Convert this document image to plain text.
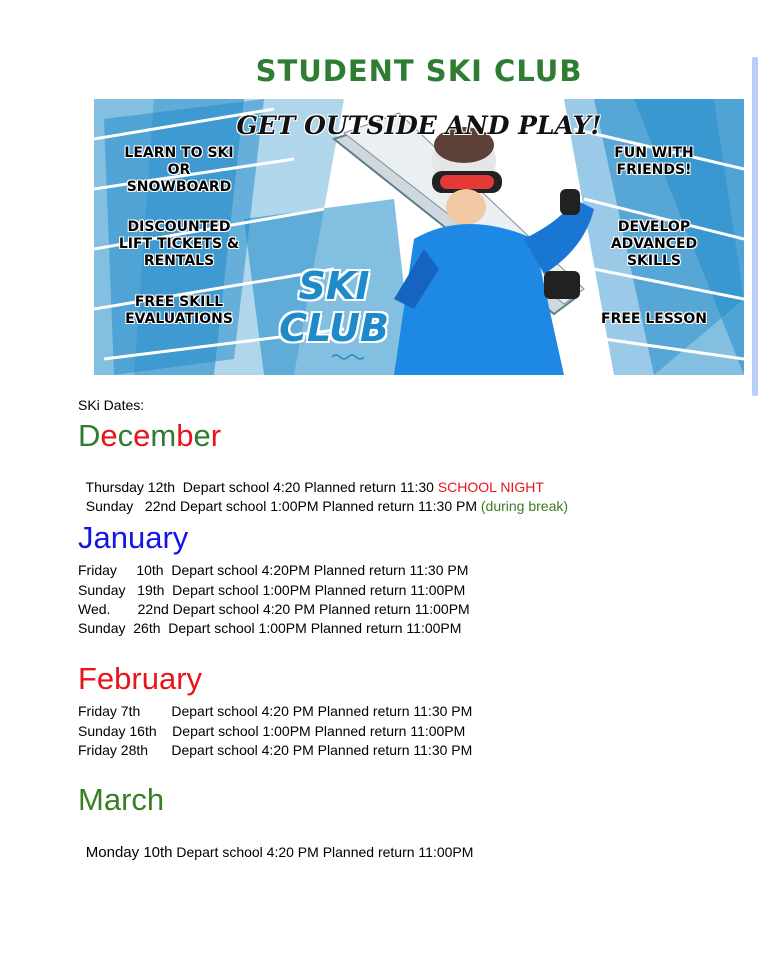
STUDENT SKI CLUB
GET OUTSIDE AND PLAY!
LEARN TO SKI
OR
SNOWBOARD
DISCOUNTED
LIFT TICKETS &
RENTALS
FREE SKILL
EVALUATIONS
FUN WITH
FRIENDS!
DEVELOP
ADVANCED
SKILLS
FREE LESSON
SKI
CLUB
SKi Dates:
December

Thursday 12th  Depart school 4:20 Planned return 11:30 SCHOOL NIGHT

Sunday   22nd Depart school 1:00PM Planned return 11:30 PM (during break)

January
Friday     10th  Depart school 4:20PM Planned return 11:30 PM
Sunday   19th  Depart school 1:00PM Planned return 11:00PM
Wed.       22nd Depart school 4:20 PM Planned return 11:00PM
Sunday  26th  Depart school 1:00PM Planned return 11:00PM
February
Friday 7th        Depart school 4:20 PM Planned return 11:30 PM
Sunday 16th    Depart school 1:00PM Planned return 11:00PM
Friday 28th      Depart school 4:20 PM Planned return 11:30 PM
March

Monday 10th Depart school 4:20 PM Planned return 11:00PM
